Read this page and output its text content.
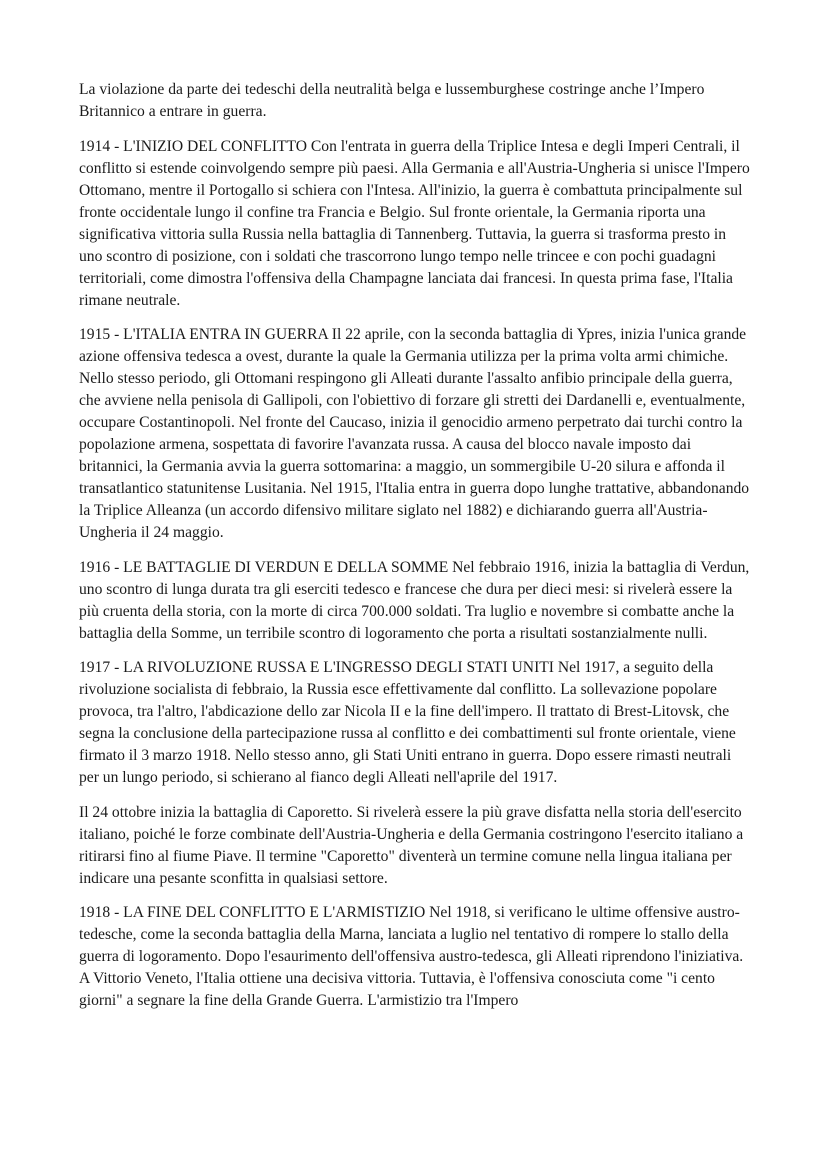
La violazione da parte dei tedeschi della neutralità belga e lussemburghese costringe anche l’Impero Britannico a entrare in guerra.

1914 - L'INIZIO DEL CONFLITTO Con l'entrata in guerra della Triplice Intesa e degli Imperi Centrali, il conflitto si estende coinvolgendo sempre più paesi. Alla Germania e all'Austria-Ungheria si unisce l'Impero Ottomano, mentre il Portogallo si schiera con l'Intesa. All'inizio, la guerra è combattuta principalmente sul fronte occidentale lungo il confine tra Francia e Belgio. Sul fronte orientale, la Germania riporta una significativa vittoria sulla Russia nella battaglia di Tannenberg. Tuttavia, la guerra si trasforma presto in uno scontro di posizione, con i soldati che trascorrono lungo tempo nelle trincee e con pochi guadagni territoriali, come dimostra l'offensiva della Champagne lanciata dai francesi. In questa prima fase, l'Italia rimane neutrale.

1915 - L'ITALIA ENTRA IN GUERRA Il 22 aprile, con la seconda battaglia di Ypres, inizia l'unica grande azione offensiva tedesca a ovest, durante la quale la Germania utilizza per la prima volta armi chimiche. Nello stesso periodo, gli Ottomani respingono gli Alleati durante l'assalto anfibio principale della guerra, che avviene nella penisola di Gallipoli, con l'obiettivo di forzare gli stretti dei Dardanelli e, eventualmente, occupare Costantinopoli. Nel fronte del Caucaso, inizia il genocidio armeno perpetrato dai turchi contro la popolazione armena, sospettata di favorire l'avanzata russa. A causa del blocco navale imposto dai britannici, la Germania avvia la guerra sottomarina: a maggio, un sommergibile U-20 silura e affonda il transatlantico statunitense Lusitania. Nel 1915, l'Italia entra in guerra dopo lunghe trattative, abbandonando la Triplice Alleanza (un accordo difensivo militare siglato nel 1882) e dichiarando guerra all'Austria-Ungheria il 24 maggio.

1916 - LE BATTAGLIE DI VERDUN E DELLA SOMME Nel febbraio 1916, inizia la battaglia di Verdun, uno scontro di lunga durata tra gli eserciti tedesco e francese che dura per dieci mesi: si rivelerà essere la più cruenta della storia, con la morte di circa 700.000 soldati. Tra luglio e novembre si combatte anche la battaglia della Somme, un terribile scontro di logoramento che porta a risultati sostanzialmente nulli.

1917 - LA RIVOLUZIONE RUSSA E L'INGRESSO DEGLI STATI UNITI Nel 1917, a seguito della rivoluzione socialista di febbraio, la Russia esce effettivamente dal conflitto. La sollevazione popolare provoca, tra l'altro, l'abdicazione dello zar Nicola II e la fine dell'impero. Il trattato di Brest-Litovsk, che segna la conclusione della partecipazione russa al conflitto e dei combattimenti sul fronte orientale, viene firmato il 3 marzo 1918. Nello stesso anno, gli Stati Uniti entrano in guerra. Dopo essere rimasti neutrali per un lungo periodo, si schierano al fianco degli Alleati nell'aprile del 1917.

Il 24 ottobre inizia la battaglia di Caporetto. Si rivelerà essere la più grave disfatta nella storia dell'esercito italiano, poiché le forze combinate dell'Austria-Ungheria e della Germania costringono l'esercito italiano a ritirarsi fino al fiume Piave. Il termine "Caporetto" diventerà un termine comune nella lingua italiana per indicare una pesante sconfitta in qualsiasi settore.

1918 - LA FINE DEL CONFLITTO E L'ARMISTIZIO Nel 1918, si verificano le ultime offensive austro-tedesche, come la seconda battaglia della Marna, lanciata a luglio nel tentativo di rompere lo stallo della guerra di logoramento. Dopo l'esaurimento dell'offensiva austro-tedesca, gli Alleati riprendono l'iniziativa. A Vittorio Veneto, l'Italia ottiene una decisiva vittoria. Tuttavia, è l'offensiva conosciuta come "i cento giorni" a segnare la fine della Grande Guerra. L'armistizio tra l'Impero
